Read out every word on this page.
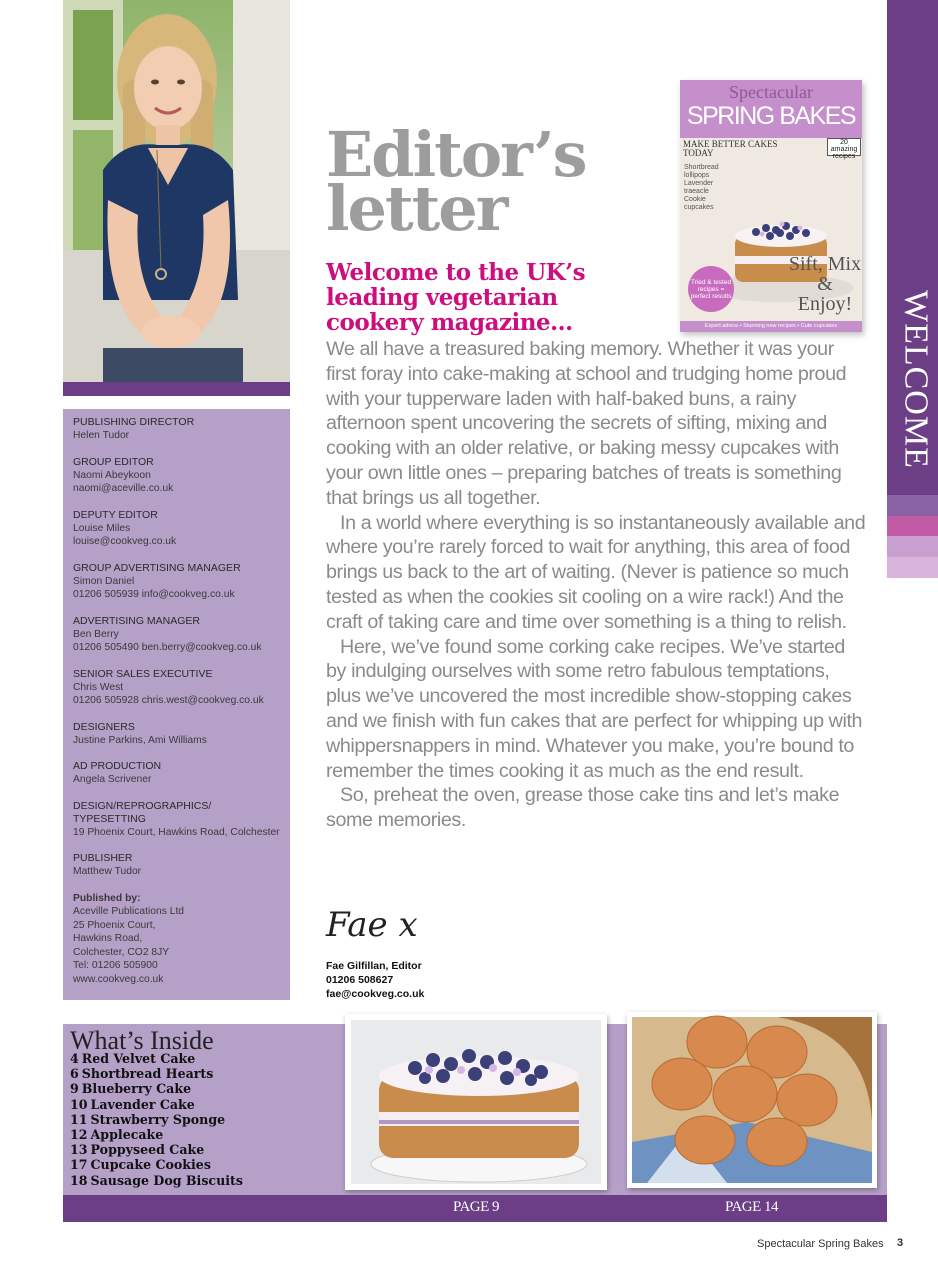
WELCOME
PUBLISHING DIRECTOR
Helen Tudor
GROUP EDITOR
Naomi Abeykoon
naomi@aceville.co.uk
DEPUTY EDITOR
Louise Miles
louise@cookveg.co.uk
GROUP ADVERTISING MANAGER
Simon Daniel
01206 505939 info@cookveg.co.uk
ADVERTISING MANAGER
Ben Berry
01206 505490 ben.berry@cookveg.co.uk
SENIOR SALES EXECUTIVE
Chris West
01206 505928 chris.west@cookveg.co.uk
DESIGNERS
Justine Parkins, Ami Williams
AD PRODUCTION
Angela Scrivener
DESIGN/REPROGRAPHICS/
TYPESETTING
19 Phoenix Court, Hawkins Road, Colchester
PUBLISHER
Matthew Tudor
Published by:
Aceville Publications Ltd
25 Phoenix Court,
Hawkins Road,
Colchester, CO2 8JY
Tel: 01206 505900
www.cookveg.co.uk
Editor’s
letter
Welcome to the UK’s
leading vegetarian
cookery magazine…
Spectacular
SPRING BAKES
MAKE BETTER CAKES TODAY
20 amazing recipes
Shortbread
lollipops
Lavender
traeacle
Cookie
cupcakes
Tried & tested recipes = perfect results
Sift, Mix & Enjoy!
Expert advice • Stunning new recipes • Cute cupcakes

We all have a treasured baking memory. Whether it was your first foray into cake-making at school and trudging home proud with your tupperware laden with half-baked buns, a rainy afternoon spent uncovering the secrets of sifting, mixing and cooking with an older relative, or baking messy cupcakes with your own little ones – preparing batches of treats is something that brings us all together.

In a world where everything is so instantaneously available and where you’re rarely forced to wait for anything, this area of food brings us back to the art of waiting. (Never is patience so much tested as when the cookies sit cooling on a wire rack!) And the craft of taking care and time over something is a thing to relish.

Here, we’ve found some corking cake recipes. We’ve started by indulging ourselves with some retro fabulous temptations, plus we’ve uncovered the most incredible show-stopping cakes and we finish with fun cakes that are perfect for whipping up with whippersnappers in mind. Whatever you make, you’re bound to remember the times cooking it as much as the end result.

So, preheat the oven, grease those cake tins and let’s make some memories.

Fae x
Fae Gilfillan, Editor
01206 508627
fae@cookveg.co.uk
What’s Inside
4 Red Velvet Cake
6 Shortbread Hearts
9 Blueberry Cake
10 Lavender Cake
11 Strawberry Sponge
12 Applecake
13 Poppyseed Cake
17 Cupcake Cookies
18 Sausage Dog Biscuits
PAGE 9	PAGE 14
Spectacular Spring Bakes 3
